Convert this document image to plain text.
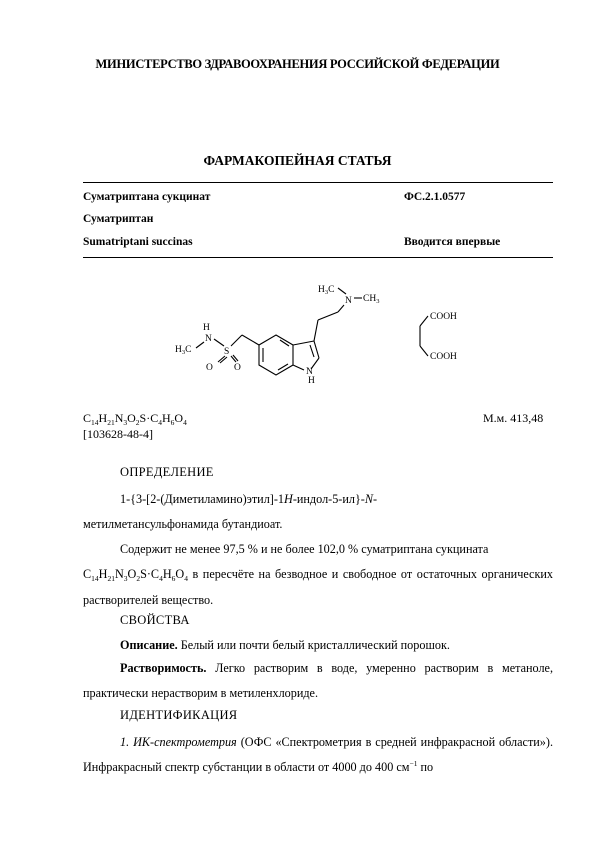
МИНИСТЕРСТВО ЗДРАВООХРАНЕНИЯ РОССИЙСКОЙ ФЕДЕРАЦИИ
ФАРМАКОПЕЙНАЯ СТАТЬЯ
Суматриптана сукцинат	ФС.2.1.0577
Суматриптан
Sumatriptani succinas	Вводится впервые
$H_3C$
N $CH_3$
H
N
$H_3C$	S
O O	N
H
COOH
COOH
$C_{14}H_{21}N_3O_2S\cdot C_4H_6O_4$	М.м. 413,48
[103628-48-4]
ОПРЕДЕЛЕНИЕ
1-{3-[2-(Диметиламино)этил]-1H-индол-5-ил}-N-
метилметансульфонамида бутандиоат.
Содержит не менее 97,5 % и не более 102,0 % суматриптана сукцината
$C_{14}H_{21}N_3O_2S\cdot C_4H_6O_4$ в пересчёте на безводное и свободное от остаточных органических растворителей вещество.
СВОЙСТВА
Описание. Белый или почти белый кристаллический порошок.
Растворимость. Легко растворим в воде, умеренно растворим в метаноле, практически нерастворим в метиленхлориде.
ИДЕНТИФИКАЦИЯ
1. ИК-спектрометрия (ОФС «Спектрометрия в средней инфракрасной области»). Инфракрасный спектр субстанции в области от 4000 до 400 $см^{-1}$ по
